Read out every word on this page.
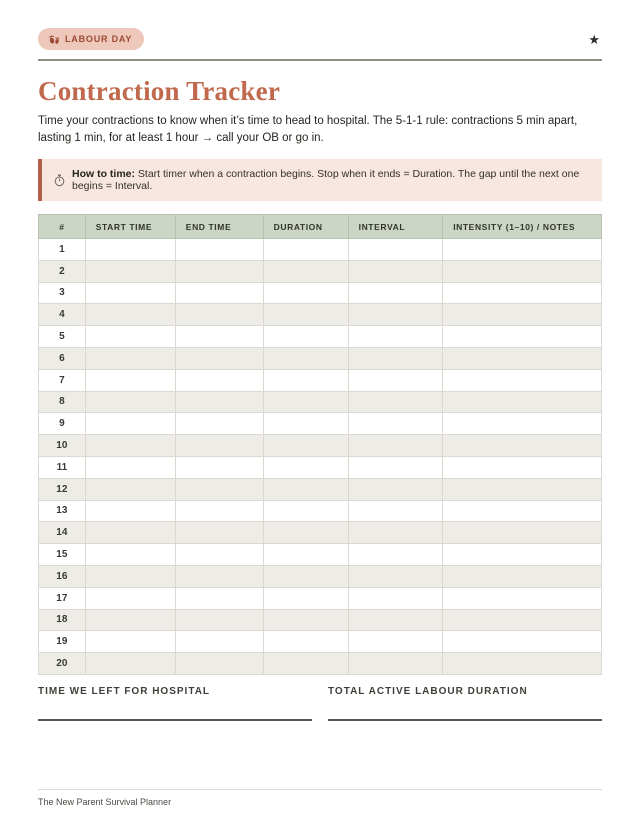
LABOUR DAY	★
Contraction Tracker

Time your contractions to know when it’s time to head to hospital. The 5-1-1 rule: contractions 5 min apart, lasting 1 min, for at least 1 hour → call your OB or go in.

How to time: Start timer when a contraction begins. Stop when it ends = Duration. The gap until the next one begins = Interval.
#	START TIME	END TIME	DURATION	INTERVAL	INTENSITY (1–10) / NOTES
1					
2					
3					
4					
5					
6					
7					
8					
9					
10					
11					
12					
13					
14					
15					
16					
17					
18					
19					
20					
TIME WE LEFT FOR HOSPITAL	TOTAL ACTIVE LABOUR DURATION
The New Parent Survival Planner
